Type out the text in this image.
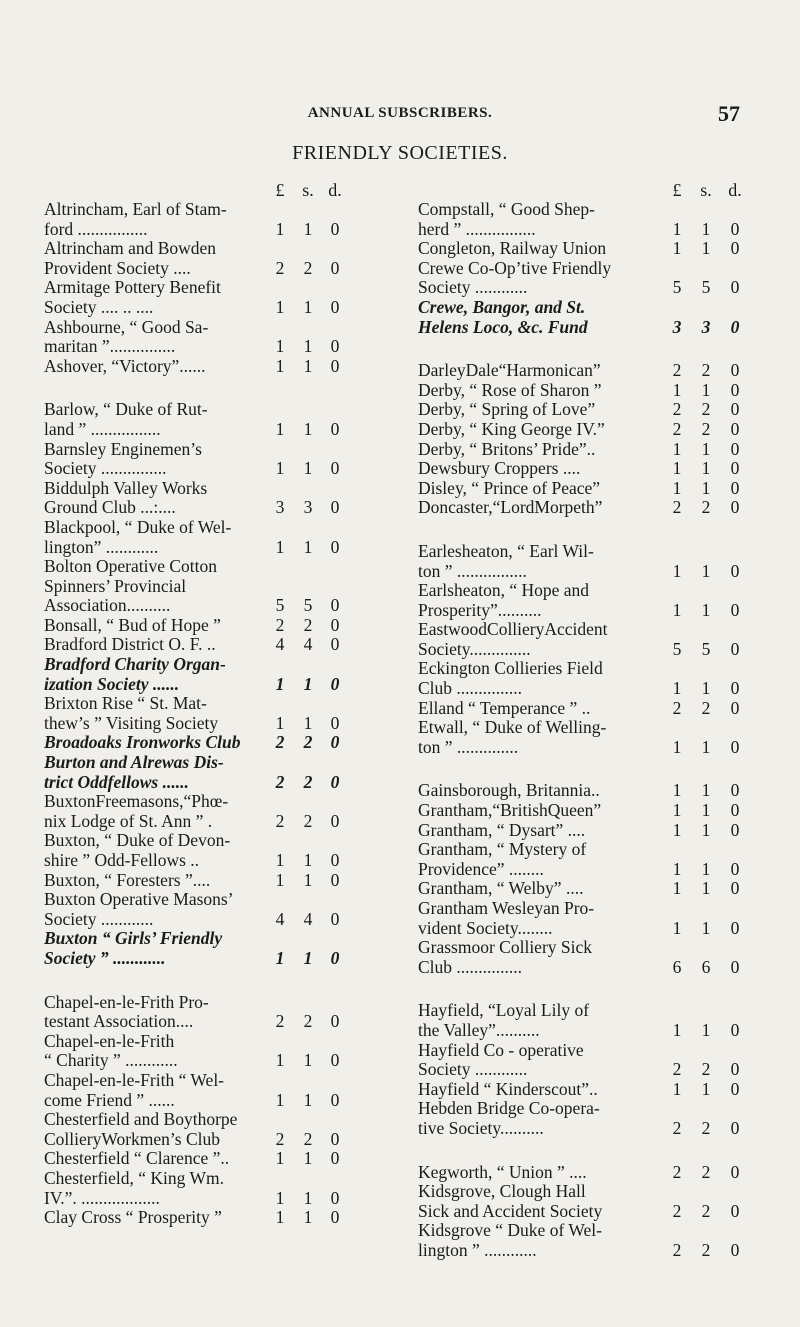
ANNUAL SUBSCRIBERS.	57
FRIENDLY SOCIETIES.
£ s. d.
Altrincham, Earl of Stam-
ford ................	1	1	0
Altrincham and Bowden
Provident Society ....	2	2	0
Armitage Pottery Benefit
Society .... .. ....	1	1	0
Ashbourne, “ Good Sa-
maritan ”...............	1	1	0
Ashover, “Victory”......	1	1	0
Barlow, “ Duke of Rut-
land ” ................	1	1	0
Barnsley Enginemen’s
Society ...............	1	1	0
Biddulph Valley Works
Ground Club ...:....	3	3	0
Blackpool, “ Duke of Wel-
lington” ............	1	1	0
Bolton Operative Cotton
Spinners’ Provincial
Association..........	5	5	0
Bonsall, “ Bud of Hope ”	2	2	0
Bradford District O. F. ..	4	4	0
Bradford Charity Organ-
ization Society ......	1	1	0
Brixton Rise “ St. Mat-
thew’s ” Visiting Society	1	1	0
Broadoaks Ironworks Club	2	2	0
Burton and Alrewas Dis-
trict Oddfellows ......	2	2	0
BuxtonFreemasons,“Phœ-
nix Lodge of St. Ann ” .	2	2	0
Buxton, “ Duke of Devon-
shire ” Odd-Fellows ..	1	1	0
Buxton, “ Foresters ”....	1	1	0
Buxton Operative Masons’
Society ............	4	4	0
Buxton “ Girls’ Friendly
Society ” ............	1	1	0
Chapel-en-le-Frith Pro-
testant Association....	2	2	0
Chapel-en-le-Frith
“ Charity ” ............	1	1	0
Chapel-en-le-Frith “ Wel-
come Friend ” ......	1	1	0
Chesterfield and Boythorpe
CollieryWorkmen’s Club	2	2	0
Chesterfield “ Clarence ”..	1	1	0
Chesterfield, “ King Wm.
IV.”. ..................	1	1	0
Clay Cross “ Prosperity ”	1	1	0
£	s. d.
Compstall, “ Good Shep-
herd ” ................	1	1	0
Congleton, Railway Union	1	1	0
Crewe Co-Op’tive Friendly
Society ............	5	5	0
Crewe, Bangor, and St.
Helens Loco, &c. Fund	3	3	0
DarleyDale“Harmonican”	2	2	0
Derby, “ Rose of Sharon ”	1	1	0
Derby, “ Spring of Love”	2	2	0
Derby, “ King George IV.”	2	2	0
Derby, “ Britons’ Pride”..	1	1	0
Dewsbury Croppers ....	1	1	0
Disley, “ Prince of Peace”	1	1	0
Doncaster,“LordMorpeth”	2	2	0
Earlesheaton, “ Earl Wil-
ton ” ................	1	1	0
Earlsheaton, “ Hope and
Prosperity”..........	1	1	0
EastwoodCollieryAccident
Society..............	5	5	0
Eckington Collieries Field
Club ...............	1	1	0
Elland “ Temperance ” ..	2	2	0
Etwall, “ Duke of Welling-
ton ” ..............	1	1	0
Gainsborough, Britannia..	1	1	0
Grantham,“BritishQueen”	1	1	0
Grantham, “ Dysart” ....	1	1	0
Grantham, “ Mystery of
Providence” ........	1	1	0
Grantham, “ Welby” ....	1	1	0
Grantham Wesleyan Pro-
vident Society........	1	1	0
Grassmoor Colliery Sick
Club ...............	6	6	0
Hayfield, “Loyal Lily of
the Valley”..........	1	1	0
Hayfield Co - operative
Society ............	2	2	0
Hayfield “ Kinderscout”..	1	1	0
Hebden Bridge Co-opera-
tive Society..........	2	2	0
Kegworth, “ Union ” ....	2	2	0
Kidsgrove, Clough Hall
Sick and Accident Society	2	2	0
Kidsgrove “ Duke of Wel-
lington ” ............	2	2	0
